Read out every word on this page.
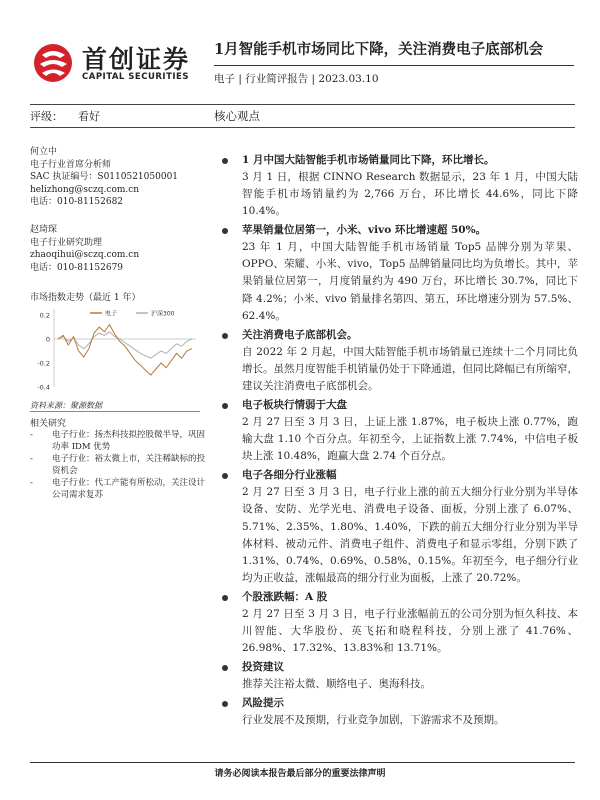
首创证券
CAPITAL SECURITIES
1月智能手机市场同比下降，关注消费电子底部机会
电子 | 行业简评报告 | 2023.03.10
评级： 看好	核心观点
何立中
电子行业首席分析师
SAC 执证编号：S0110521050001
helizhong@sczq.com.cn
电话：010-81152682
赵琦琛
电子行业研究助理
zhaoqihui@sczq.com.cn
电话：010-81152679
市场指数走势（最近 1 年）
0.2
0
-0.2
-0.4
电子	沪深300
资料来源：聚源数据
相关研究
- 电子行业：扬杰科技拟控股微半导，巩固功率 IDM 优势
- 电子行业：裕太微上市，关注稀缺标的投资机会
- 电子行业：代工产能有所松动，关注设计公司需求复苏
1 月中国大陆智能手机市场销量同比下降，环比增长。
3 月 1 日，根据 CINNO Research 数据显示，23 年 1 月，中国大陆智能手机市场销量约为 2,766 万台，环比增长 44.6%，同比下降 10.4%。
苹果销量位居第一，小米、vivo 环比增速超 50%。
23 年 1 月，中国大陆智能手机市场销量 Top5 品牌分别为苹果、OPPO、荣耀、小米、vivo，Top5 品牌销量同比均为负增长。其中，苹果销量位居第一，月度销量约为 490 万台，环比增长 30.7%，同比下降 4.2%；小米、vivo 销量排名第四、第五，环比增速分别为 57.5%、62.4%。
关注消费电子底部机会。
自 2022 年 2 月起，中国大陆智能手机市场销量已连续十二个月同比负增长。虽然月度智能手机销量仍处于下降通道，但同比降幅已有所缩窄，建议关注消费电子底部机会。
电子板块行情弱于大盘
2 月 27 日至 3 月 3 日，上证上涨 1.87%，电子板块上涨 0.77%，跑输大盘 1.10 个百分点。年初至今，上证指数上涨 7.74%，中信电子板块上涨 10.48%，跑赢大盘 2.74 个百分点。
电子各细分行业涨幅
2 月 27 日至 3 月 3 日，电子行业上涨的前五大细分行业分别为半导体设备、安防、光学光电、消费电子设备、面板，分别上涨了 6.07%、5.71%、2.35%、1.80%、1.40%，下跌的前五大细分行业分别为半导体材料、被动元件、消费电子组件、消费电子和显示零组，分别下跌了 1.31%、0.74%、0.69%、0.58%、0.15%。年初至今，电子细分行业均为正收益，涨幅最高的细分行业为面板，上涨了 20.72%。
个股涨跌幅：A 股
2 月 27 日至 3 月 3 日，电子行业涨幅前五的公司分别为恒久科技、本川智能、大华股份、英飞拓和晓程科技，分别上涨了 41.76%、26.98%、17.32%、13.83%和 13.71%。
投资建议
推荐关注裕太微、顺络电子、奥海科技。
风险提示
行业发展不及预期，行业竞争加剧，下游需求不及预期。
请务必阅读本报告最后部分的重要法律声明
